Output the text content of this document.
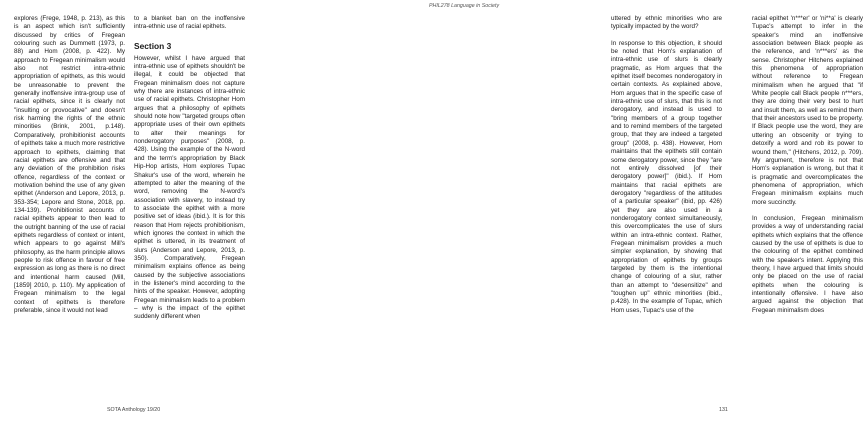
explores (Frege, 1948, p. 213), as this is an aspect which isn't sufficiently discussed by critics of Fregean colouring such as Dummett (1973, p. 88) and Hom (2008, p. 422). My approach to Fregean minimalism would also not restrict intra-ethnic appropriation of epithets, as this would be unreasonable to prevent the generally inoffensive intra-group use of racial epithets, since it is clearly not "insulting or provocative" and doesn't risk harming the rights of the ethnic minorities (Brink, 2001, p.148). Comparatively, prohibitionist accounts of epithets take a much more restrictive approach to epithets, claiming that racial epithets are offensive and that any deviation of the prohibition risks offence, regardless of the context or motivation behind the use of any given epithet (Anderson and Lepore, 2013, p. 353-354; Lepore and Stone, 2018, pp. 134-139). Prohibitionist accounts of racial epithets appear to then lead to the outright banning of the use of racial epithets regardless of context or intent, which appears to go against Mill's philosophy, as the harm principle allows people to risk offence in favour of free expression as long as there is no direct and intentional harm caused (Mill, [1859] 2010, p. 110). My application of Fregean minimalism to the legal context of epithets is therefore preferable, since it would not lead

to a blanket ban on the inoffensive intra-ethnic use of racial epithets.

Section 3

However, whilst I have argued that intra-ethnic use of epithets shouldn't be illegal, it could be objected that Fregean minimalism does not capture why there are instances of intra-ethnic use of racial epithets. Christopher Hom argues that a philosophy of epithets should note how "targeted groups often appropriate uses of their own epithets to alter their meanings for nonderogatory purposes" (2008, p. 428). Using the example of the N-word and the term's appropriation by Black Hip-Hop artists, Hom explores Tupac Shakur's use of the word, wherein he attempted to alter the meaning of the word, removing the N-word's association with slavery, to instead try to associate the epithet with a more positive set of ideas (ibid.). It is for this reason that Hom rejects prohibitionism, which ignores the context in which the epithet is uttered, in its treatment of slurs (Anderson and Lepore, 2013, p. 350). Comparatively, Fregean minimalism explains offence as being caused by the subjective associations in the listener's mind according to the hints of the speaker. However, adopting Fregean minimalism leads to a problem – why is the impact of the epithet suddenly different when

SOTA Anthology 19/20
PHIL278 Language in Society

uttered by ethnic minorities who are typically impacted by the word?

In response to this objection, it should be noted that Hom's explanation of intra-ethnic use of slurs is clearly pragmatic, as Hom argues that the epithet itself becomes nonderogatory in certain contexts. As explained above, Hom argues that in the specific case of intra-ethnic use of slurs, that this is not derogatory, and instead is used to "bring members of a group together and to remind members of the targeted group, that they are indeed a targeted group" (2008, p. 438). However, Hom maintains that the epithets still contain some derogatory power, since they "are not entirely dissolved [of their derogatory power]" (ibid.). If Hom maintains that racial epithets are derogatory "regardless of the attitudes of a particular speaker" (ibid, pp. 426) yet they are also used in a nonderogatory context simultaneously, this overcomplicates the use of slurs within an intra-ethnic context. Rather, Fregean minimalism provides a much simpler explanation, by showing that appropriation of epithets by groups targeted by them is the intentional change of colouring of a slur, rather than an attempt to "desensitize" and "toughen up" ethnic minorities (ibid., p.428). In the example of Tupac, which Hom uses, Tupac's use of the

racial epithet 'n***er' or 'ni**a' is clearly Tupac's attempt to infer in the speaker's mind an inoffensive association between Black people as the reference, and 'n***ers' as the sense. Christopher Hitchens explained this phenomena of appropriation without reference to Fregean minimalism when he argued that "if White people call Black people n***ers, they are doing their very best to hurt and insult them, as well as remind them that their ancestors used to be property. If Black people use the word, they are uttering an obscenity or trying to detoxify a word and rob its power to wound them," (Hitchens, 2012, p. 709). My argument, therefore is not that Hom's explanation is wrong, but that it is pragmatic and overcomplicates the phenomena of appropriation, which Fregean minimalism explains much more succinctly.

In conclusion, Fregean minimalism provides a way of understanding racial epithets which explains that the offence caused by the use of epithets is due to the colouring of the epithet combined with the speaker's intent. Applying this theory, I have argued that limits should only be placed on the use of racial epithets when the colouring is intentionally offensive. I have also argued against the objection that Fregean minimalism does

131
